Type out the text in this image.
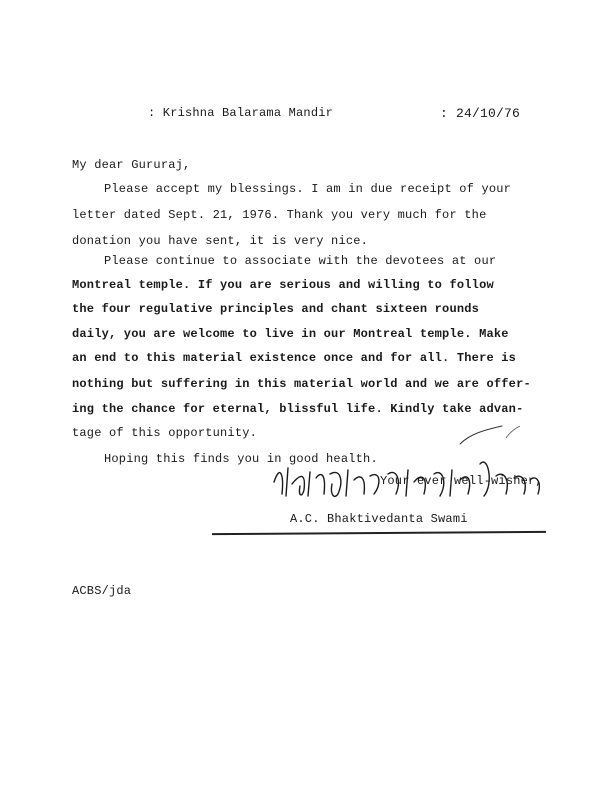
: Krishna Balarama Mandir	: 24/10/76
My dear Gururaj,
Please accept my blessings. I am in due receipt of your
letter dated Sept. 21, 1976. Thank you very much for the
donation you have sent, it is very nice.
Please continue to associate with the devotees at our
Montreal temple. If you are serious and willing to follow
the four regulative principles and chant sixteen rounds
daily, you are welcome to live in our Montreal temple. Make
an end to this material existence once and for all. There is
nothing but suffering in this material world and we are offer-
ing the chance for eternal, blissful life. Kindly take advan-
tage of this opportunity.
Hoping this finds you in good health.
Your ever well-wisher,
A.C. Bhaktivedanta Swami
ACBS/jda
